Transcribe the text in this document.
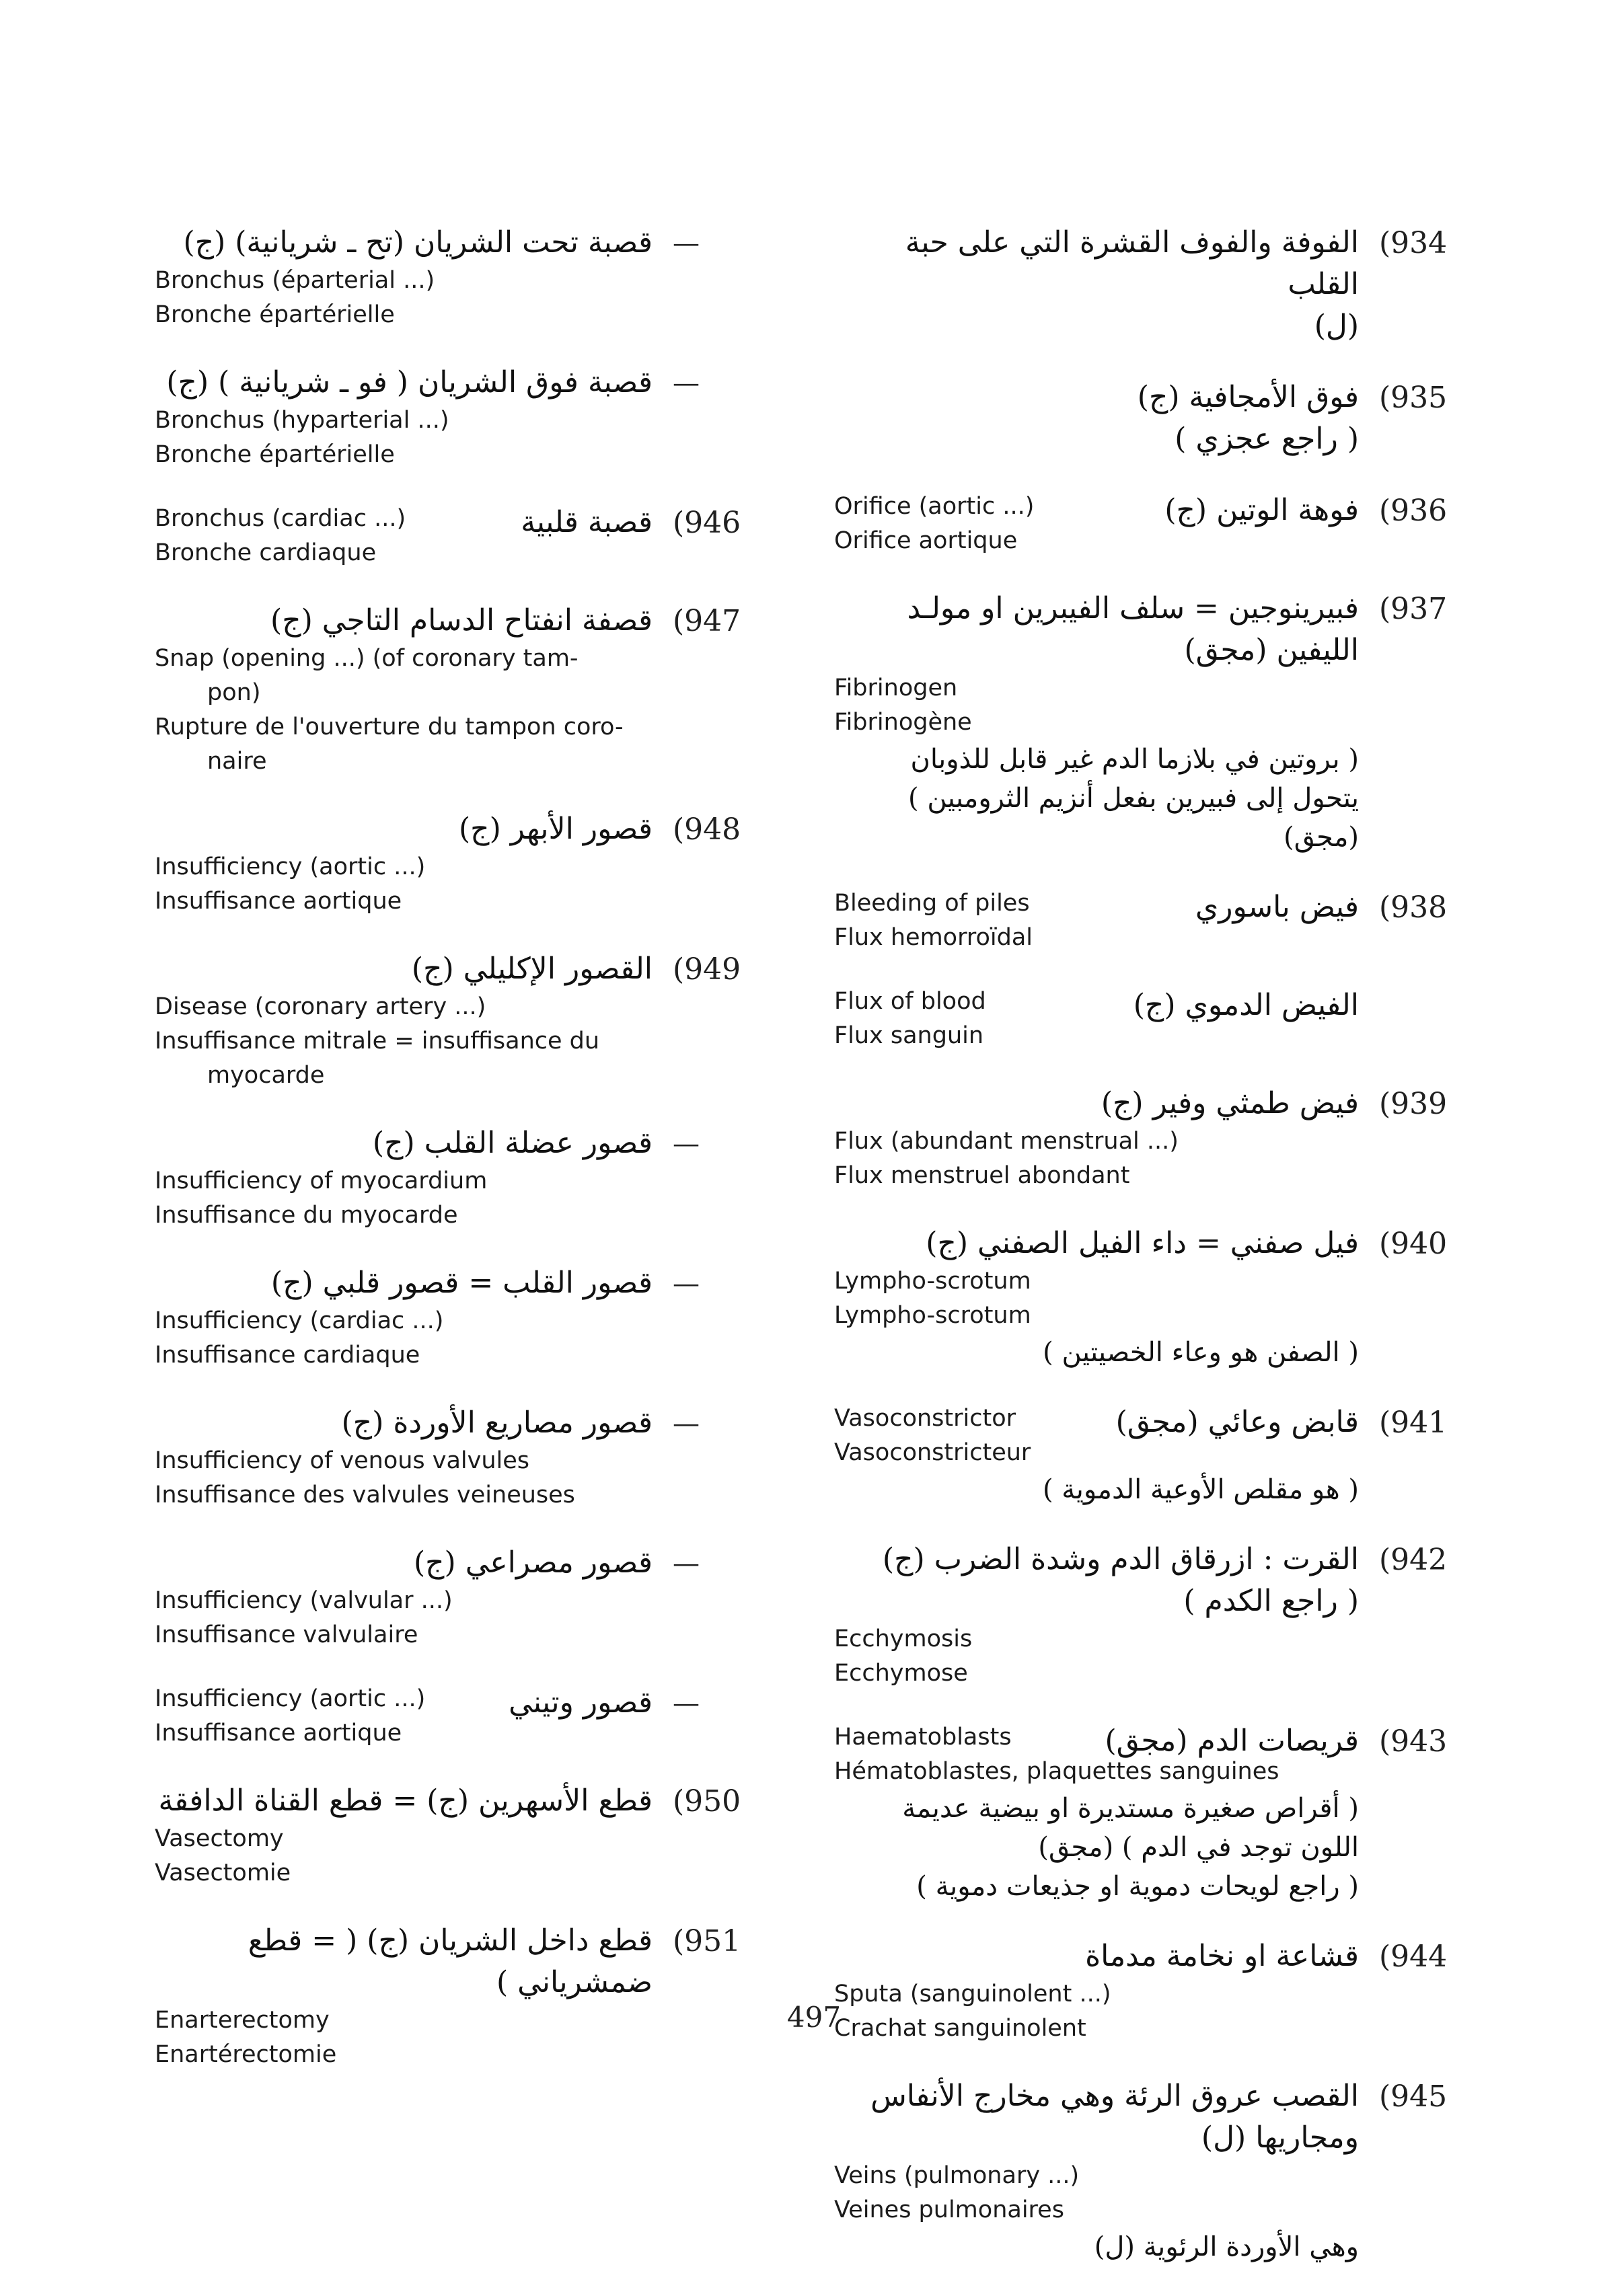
—
قصبة تحت الشريان (تح ـ شريانية) (ج)
Bronchus (éparterial ...)
Bronche épartérielle
—
قصبة فوق الشريان ( فو ـ شريانية ) (ج)
Bronchus (hyparterial ...)
Bronche épartérielle
(946
قصبة قلبية
Bronchus (cardiac ...)
Bronche cardiaque
(947
قصفة انفتاح الدسام التاجي (ج)
Snap (opening ...) (of coronary tam-
pon)
Rupture de l'ouverture du tampon coro-
naire
(948
قصور الأبهر (ج)
Insufficiency (aortic ...)
Insuffisance aortique
(949
القصور الإكليلي (ج)
Disease (coronary artery ...)
Insuffisance mitrale = insuffisance du
myocarde
—
قصور عضلة القلب (ج)
Insufficiency of myocardium
Insuffisance du myocarde
—
قصور القلب = قصور قلبي (ج)
Insufficiency (cardiac ...)
Insuffisance cardiaque
—
قصور مصاريع الأوردة (ج)
Insufficiency of venous valvules
Insuffisance des valvules veineuses
—
قصور مصراعي (ج)
Insufficiency (valvular ...)
Insuffisance valvulaire
—
قصور وتيني
Insufficiency (aortic ...)
Insuffisance aortique
(950
قطع الأسهرين (ج) = قطع القناة الدافقة
Vasectomy
Vasectomie
(951
قطع داخل الشريان (ج) ( = قطع
ضمشرياني )
Enarterectomy
Enartérectomie
(934
الفوفة والفوف القشرة التي على حبة القلب
(ل)
(935
فوق الأمجافية (ج)
( راجع عجزي )
(936
فوهة الوتين (ج)
Orifice (aortic ...)
Orifice aortique
(937
فبيرينوجين = سلف الفيبرين او مولـد
الليفين (مجق)
Fibrinogen
Fibrinogène
( بروتين في بلازما الدم غير قابل للذوبان
يتحول إلى فبيرين بفعل أنزيم الثرومبين )
(مجق)
(938
فيض باسوري
Bleeding of piles
Flux hemorroïdal
الفيض الدموي (ج)
Flux of blood
Flux sanguin
(939
فيض طمثي وفير (ج)
Flux (abundant menstrual ...)
Flux menstruel abondant
(940
فيل صفني = داء الفيل الصفني (ج)
Lympho-scrotum
Lympho-scrotum
( الصفن هو وعاء الخصيتين )
(941
قابض وعائي (مجق)
Vasoconstrictor
Vasoconstricteur
( هو مقلص الأوعية الدموية )
(942
القرت : ازرقاق الدم وشدة الضرب (ج)
( راجع الكدم )
Ecchymosis
Ecchymose
(943
قريصات الدم (مجق)
Haematoblasts
Hématoblastes, plaquettes sanguines
( أقراص صغيرة مستديرة او بيضية عديمة
اللون توجد في الدم ) (مجق)
( راجع لويحات دموية او جذيعات دموية )
(944
قشاعة او نخامة مدماة
Sputa (sanguinolent ...)
Crachat sanguinolent
(945
القصب عروق الرئة وهي مخارج الأنفاس
ومجاريها (ل)
Veins (pulmonary ...)
Veines pulmonaires
وهي الأوردة الرئوية (ل)
497
